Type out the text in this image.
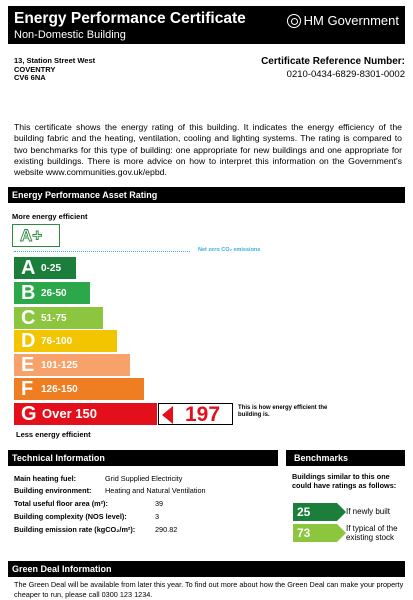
Energy Performance Certificate
Non-Domestic Building
HM Government
13, Station Street West
COVENTRY
CV6 6NA
Certificate Reference Number:
0210-0434-6829-8301-0002
This certificate shows the energy rating of this building. It indicates the energy efficiency of the building fabric and the heating, ventilation, cooling and lighting systems. The rating is compared to two benchmarks for this type of building: one appropriate for new buildings and one appropriate for existing buildings. There is more advice on how to interpret this information on the Government's website www.communities.gov.uk/epbd.
Energy Performance Asset Rating
More energy efficient
A+
Net zero CO₂ emissions
A 0-25
B 26-50
C 51-75
D 76-100
E 101-125
F 126-150
G Over 150	197	This is how energy efficient the building is.
Less energy efficient
Technical Information
Main heating fuel:	Grid Supplied Electricity
Building environment: Heating and Natural Ventilation
Total useful floor area (m²):	39
Building complexity (NOS level):	3
Building emission rate (kgCO₂/m²):	290.82
Benchmarks
Buildings similar to this one could have ratings as follows:
25	If newly built
73	If typical of the
existing stock
Green Deal Information
The Green Deal will be available from later this year. To find out more about how the Green Deal can make your property cheaper to run, please call 0300 123 1234.
